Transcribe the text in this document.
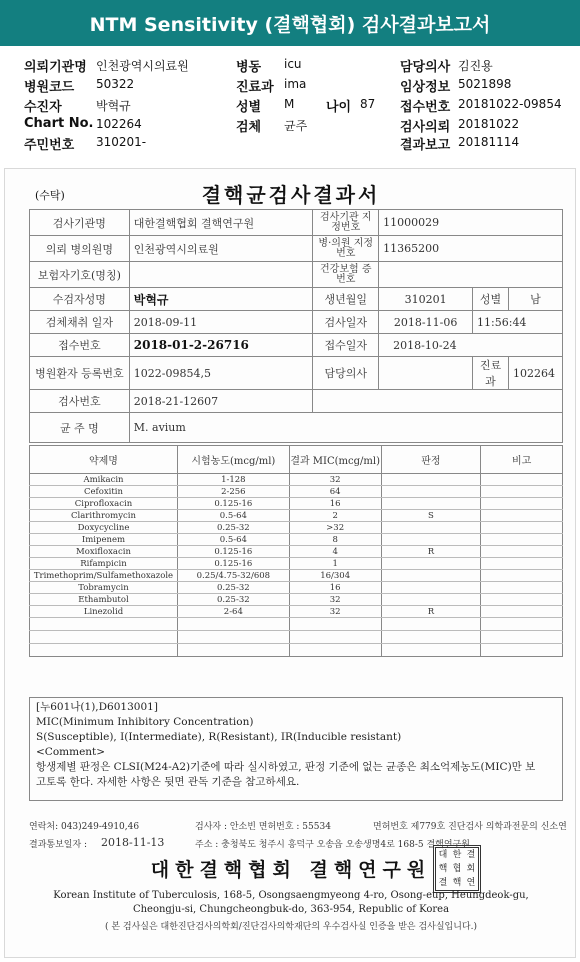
NTM Sensitivity (결핵협회) 검사결과보고서
의뢰기관명 인천광역시의료원
병원코드 50322
수진자	박혁규
Chart No. 102264
주민번호 310201-
병동 icu
진료과 ima
성별 M 나이 87
검체 균주
담당의사 김진용
임상정보 5021898
접수번호 20181022-09854
검사의뢰 20181022
결과보고 20181114
(수탁)	결핵균검사결과서
검사기관명	대한결핵협회 결핵연구원	검사기관 지정번호	11000029		
의뢰 병의원명	인천광역시의료원	병·의원 지정번호	11365200		
보험자기호(명칭)		건강보험 증번호			
수검자성명	박혁규	생년월일	310201	성별	남
검체채취 일자	2018-09-11	검사일자	2018-11-06	11:56:44	
접수번호	2018-01-2-26716	접수일자	2018-10-24		
병원환자 등록번호	1022-09854,5	담당의사		진료과	102264
검사번호	2018-21-12607				
균 주 명	M. avium				
약제명	시험농도(mcg/ml)	결과 MIC(mcg/ml)	판정	비고
Amikacin	1-128	32		
Cefoxitin	2-256	64		
Ciprofloxacin	0.125-16	16		
Clarithromycin	0.5-64	2	S	
Doxycycline	0.25-32	>32		
Imipenem	0.5-64	8		
Moxifloxacin	0.125-16	4	R	
Rifampicin	0.125-16	1		
Trimethoprim/Sulfamethoxazole	0.25/4.75-32/608	16/304		
Tobramycin	0.25-32	16		
Ethambutol	0.25-32	32		
Linezolid	2-64	32	R	

[누601나(1),D6013001]
MIC(Minimum Inhibitory Concentration)
S(Susceptible), I(Intermediate), R(Resistant), IR(Inducible resistant)
<Comment>
항생제별 판정은 CLSI(M24-A2)기준에 따라 실시하였고, 판정 기준에 없는 균종은 최소억제농도(MIC)만 보
고토록 한다. 자세한 사항은 뒷면 관독 기준을 참고하세요.
연락처: 043)249-4910,46	검사자 : 안소빈 면허번호 : 55534	면허번호 제779호 진단검사 의학과전문의 신소연
결과통보일자 : 2018-11-13	주소 : 충청북도 청주시 흥덕구 오송읍 오송생명4로 168-5 결핵연구원
대한결핵협회 결핵연구원
대 한 결
핵 협 회
결 핵 연
Korean Institute of Tuberculosis, 168-5, Osongsaengmyeong 4-ro, Osong-eup, Heungdeok-gu,
Cheongju-si, Chungcheongbuk-do, 363-954, Republic of Korea
( 본 검사실은 대한진단검사의학회/진단검사의학재단의 우수검사실 인증을 받은 검사실입니다.)
